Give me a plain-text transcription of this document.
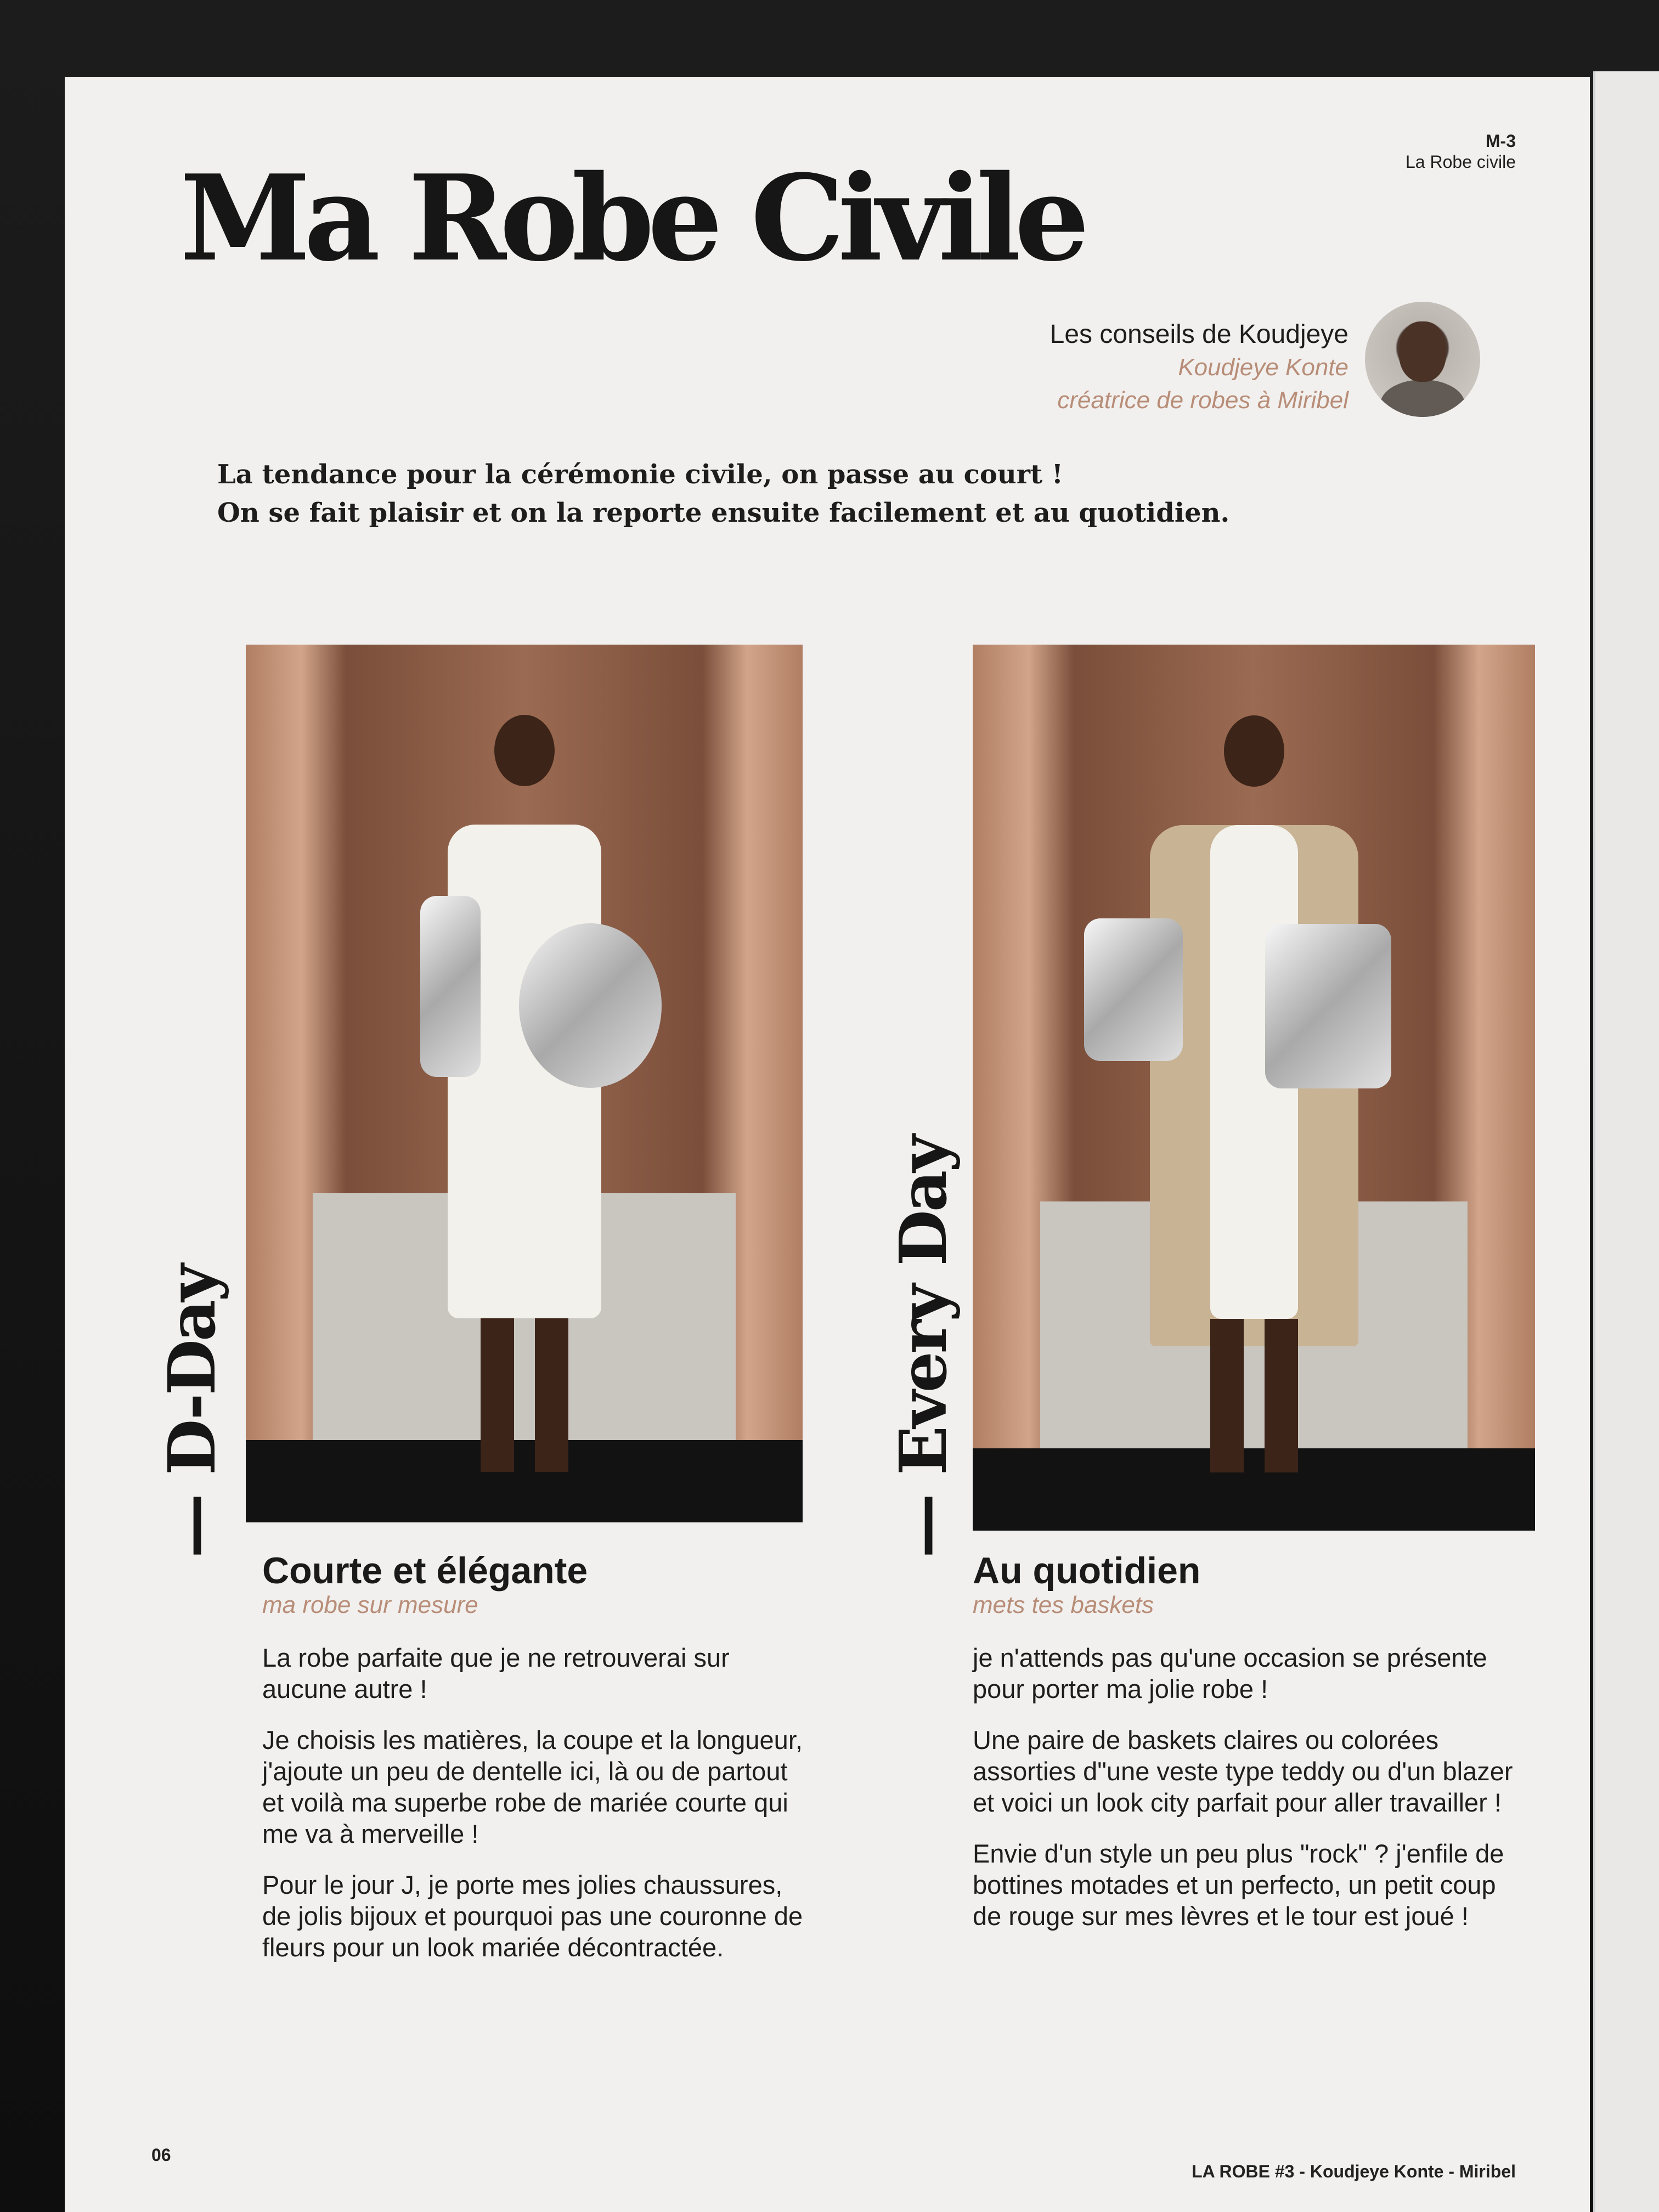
M-3
La Robe civile
Ma Robe Civile
Les conseils de Koudjeye
Koudjeye Konte
créatrice de robes à Miribel

La tendance pour la cérémonie civile, on passe au court !

On se fait plaisir et on la reporte ensuite facilement et au quotidien.

— D-Day	— Every Day
Courte et élégante
ma robe sur mesure

La robe parfaite que je ne retrouverai sur aucune autre !

Je choisis les matières, la coupe et la longueur, j'ajoute un peu de dentelle ici, là ou de partout et voilà ma superbe robe de mariée courte qui me va à merveille !

Pour le jour J, je porte mes jolies chaussures, de jolis bijoux et pourquoi pas une couronne de fleurs pour un look mariée décontractée.

Au quotidien
mets tes baskets

je n'attends pas qu'une occasion se présente pour porter ma jolie robe !

Une paire de baskets claires ou colorées assorties d"une veste type teddy ou d'un blazer et voici un look city parfait pour aller travailler !

Envie d'un style un peu plus "rock" ? j'enfile de bottines motades et un perfecto, un petit coup de rouge sur mes lèvres et le tour est joué !

06
LA ROBE #3 - Koudjeye Konte - Miribel
